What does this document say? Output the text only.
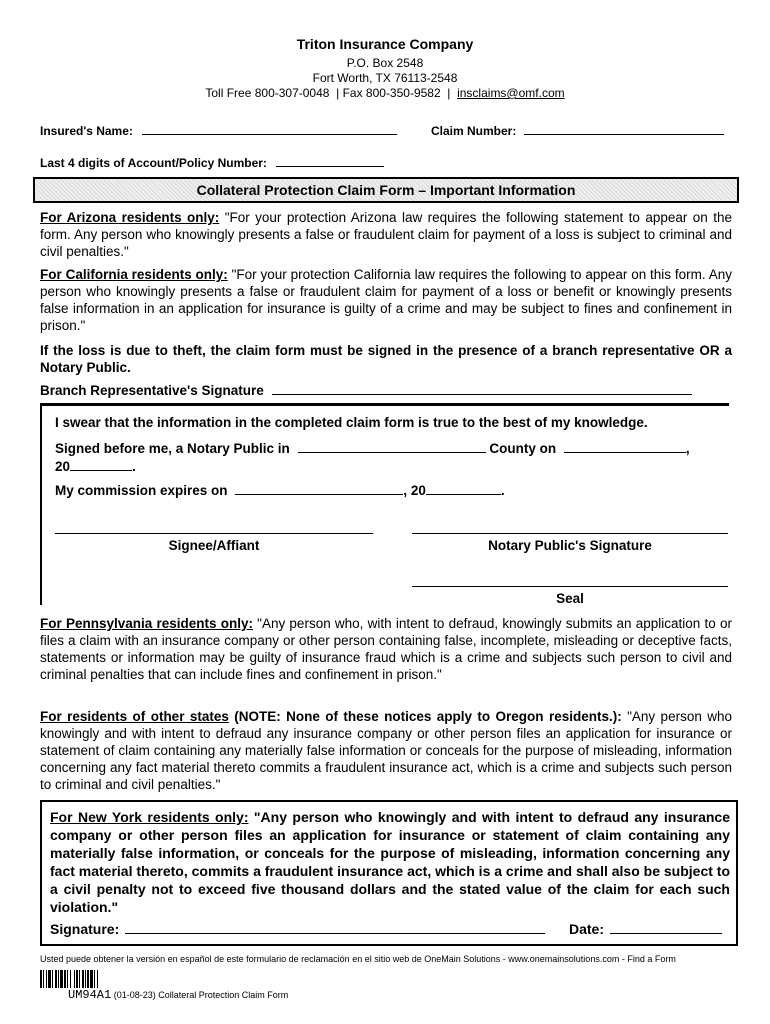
Triton Insurance Company
P.O. Box 2548
Fort Worth, TX 76113-2548
Toll Free 800-307-0048  | Fax 800-350-9582  |  insclaims@omf.com
Insured's Name:	Claim Number:
Last 4 digits of Account/Policy Number:
Collateral Protection Claim Form – Important Information
For Arizona residents only: "For your protection Arizona law requires the following statement to appear on the form. Any person who knowingly presents a false or fraudulent claim for payment of a loss is subject to criminal and civil penalties."
For California residents only: "For your protection California law requires the following to appear on this form. Any person who knowingly presents a false or fraudulent claim for payment of a loss or benefit or knowingly presents false information in an application for insurance is guilty of a crime and may be subject to fines and confinement in prison."
If the loss is due to theft, the claim form must be signed in the presence of a branch representative OR a Notary Public.
Branch Representative's Signature
I swear that the information in the completed claim form is true to the best of my knowledge.
Signed before me, a Notary Public in	County on	,
20	.
My commission expires on	, 20	.
Signee/Affiant	Notary Public's Signature
Seal
For Pennsylvania residents only: "Any person who, with intent to defraud, knowingly submits an application to or files a claim with an insurance company or other person containing false, incomplete, misleading or deceptive facts, statements or information may be guilty of insurance fraud which is a crime and subjects such person to civil and criminal penalties that can include fines and confinement in prison."
For residents of other states (NOTE: None of these notices apply to Oregon residents.): "Any person who knowingly and with intent to defraud any insurance company or other person files an application for insurance or statement of claim containing any materially false information or conceals for the purpose of misleading, information concerning any fact material thereto commits a fraudulent insurance act, which is a crime and subjects such person to criminal and civil penalties."
For New York residents only: "Any person who knowingly and with intent to defraud any insurance company or other person files an application for insurance or statement of claim containing any materially false information, or conceals for the purpose of misleading, information concerning any fact material thereto, commits a fraudulent insurance act, which is a crime and shall also be subject to a civil penalty not to exceed five thousand dollars and the stated value of the claim for each such violation."
Signature:	Date:
Usted puede obtener la versión en español de este formulario de reclamación en el sitio web de OneMain Solutions - www.onemainsolutions.com - Find a Form
UM94A1 (01-08-23) Collateral Protection Claim Form
